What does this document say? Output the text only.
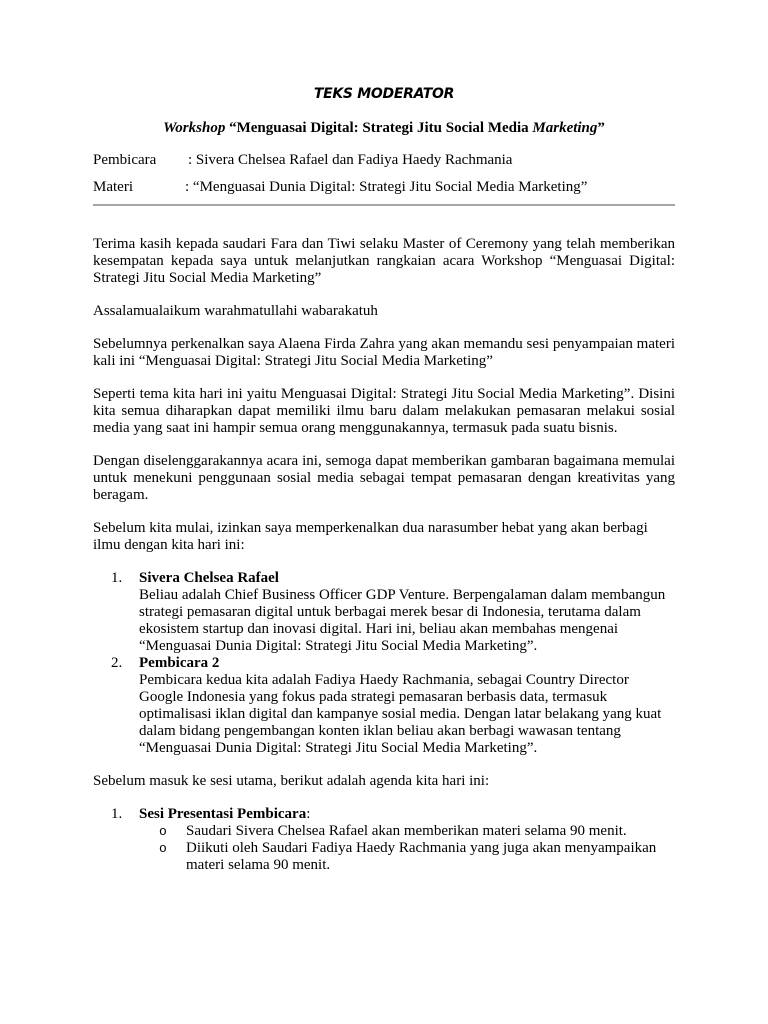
TEKS MODERATOR
Workshop “Menguasai Digital: Strategi Jitu Social Media Marketing”
Pembicara : Sivera Chelsea Rafael dan Fadiya Haedy Rachmania
Materi	: “Menguasai Dunia Digital: Strategi Jitu Social Media Marketing”

Terima kasih kepada saudari Fara dan Tiwi selaku Master of Ceremony yang telah memberikan kesempatan kepada saya untuk melanjutkan rangkaian acara Workshop “Menguasai Digital: Strategi Jitu Social Media Marketing”

Assalamualaikum warahmatullahi wabarakatuh

Sebelumnya perkenalkan saya Alaena Firda Zahra yang akan memandu sesi penyampaian materi kali ini “Menguasai Digital: Strategi Jitu Social Media Marketing”

Seperti tema kita hari ini yaitu Menguasai Digital: Strategi Jitu Social Media Marketing”. Disini kita semua diharapkan dapat memiliki ilmu baru dalam melakukan pemasaran melakui sosial media yang saat ini hampir semua orang menggunakannya, termasuk pada suatu bisnis.

Dengan diselenggarakannya acara ini, semoga dapat memberikan gambaran bagaimana memulai untuk menekuni penggunaan sosial media sebagai tempat pemasaran dengan kreativitas yang beragam.

Sebelum kita mulai, izinkan saya memperkenalkan dua narasumber hebat yang akan berbagi ilmu dengan kita hari ini:

1. Sivera Chelsea Rafael
Beliau adalah Chief Business Officer GDP Venture. Berpengalaman dalam membangun strategi pemasaran digital untuk berbagai merek besar di Indonesia, terutama dalam ekosistem startup dan inovasi digital. Hari ini, beliau akan membahas mengenai “Menguasai Dunia Digital: Strategi Jitu Social Media Marketing”.
2. Pembicara 2
Pembicara kedua kita adalah Fadiya Haedy Rachmania, sebagai Country Director Google Indonesia yang fokus pada strategi pemasaran berbasis data, termasuk optimalisasi iklan digital dan kampanye sosial media. Dengan latar belakang yang kuat dalam bidang pengembangan konten iklan beliau akan berbagi wawasan tentang “Menguasai Dunia Digital: Strategi Jitu Social Media Marketing”.

Sebelum masuk ke sesi utama, berikut adalah agenda kita hari ini:

1. Sesi Presentasi Pembicara:
o Saudari Sivera Chelsea Rafael akan memberikan materi selama 90 menit.
o Diikuti oleh Saudari Fadiya Haedy Rachmania yang juga akan menyampaikan materi selama 90 menit.
